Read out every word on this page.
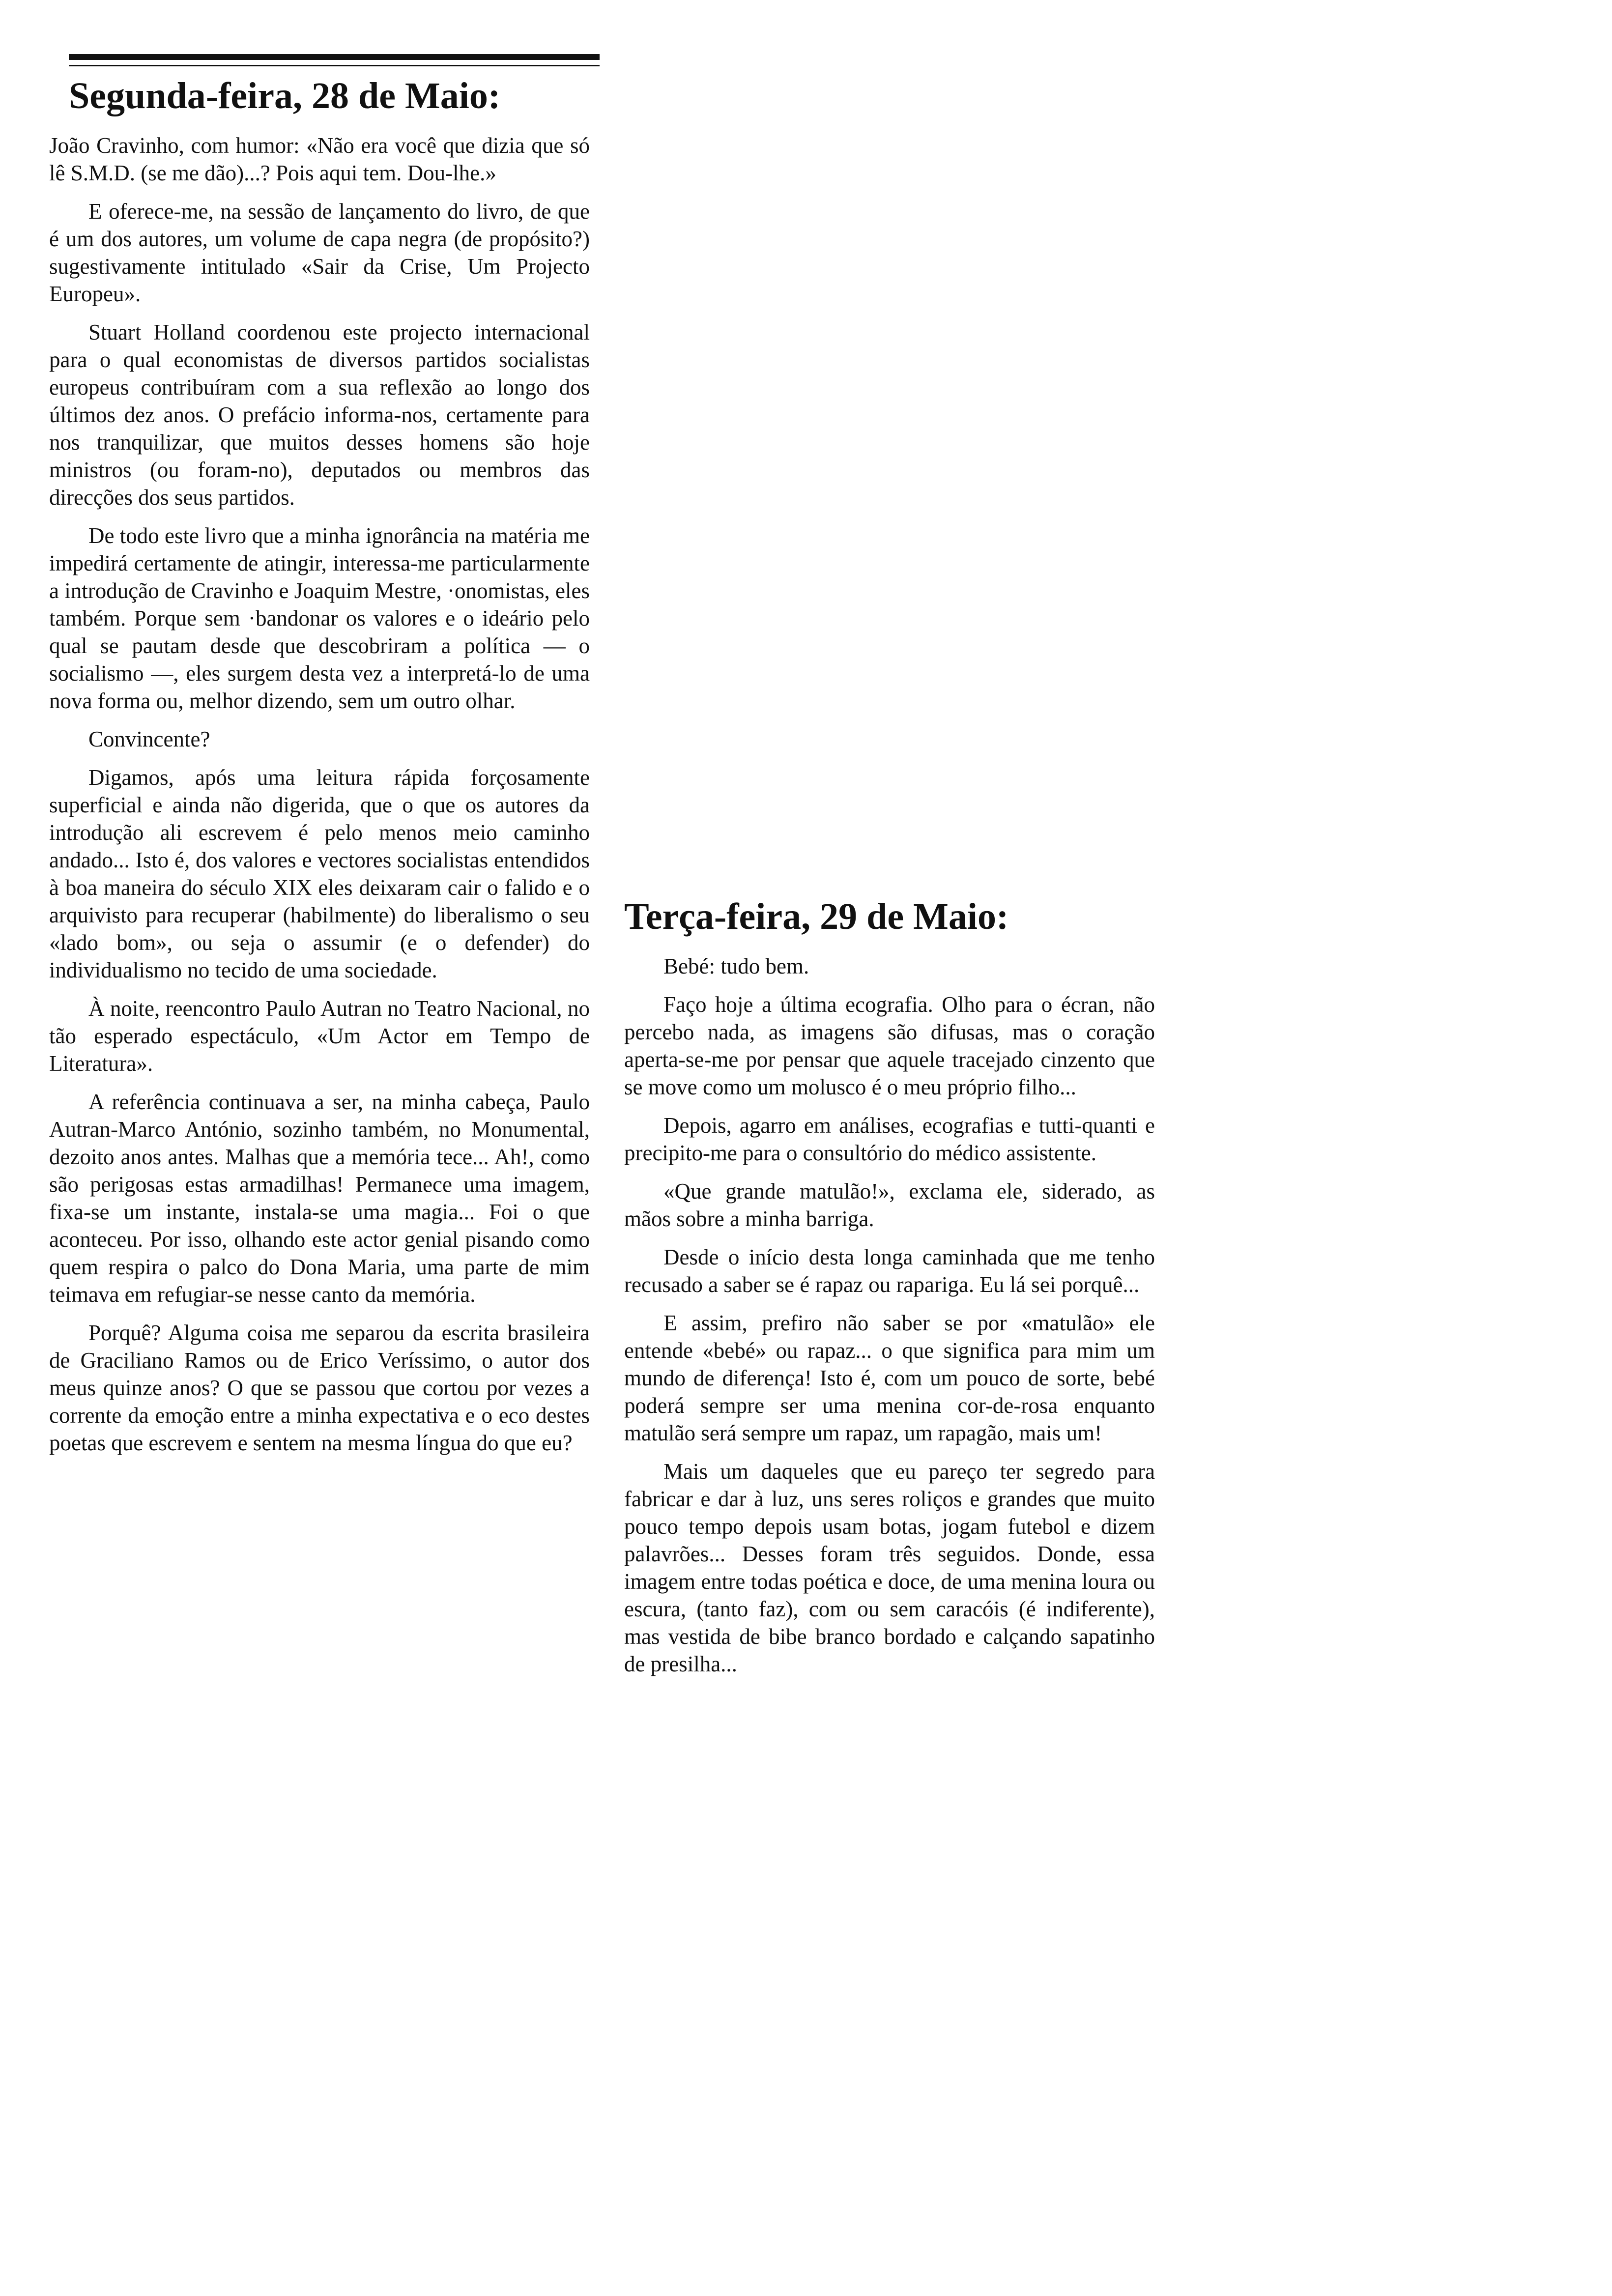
Segunda-feira, 28 de Maio:

João Cravinho, com humor: «Não era você que dizia que só lê S.M.D. (se me dão)...? Pois aqui tem. Dou-lhe.»

E oferece-me, na sessão de lançamento do livro, de que é um dos autores, um volume de capa negra (de propósito?) sugestivamente intitulado «Sair da Crise, Um Projecto Europeu».

Stuart Holland coordenou este projecto internacional para o qual economistas de diversos partidos socialistas europeus contribuíram com a sua reflexão ao longo dos últimos dez anos. O prefácio informa-nos, certamente para nos tranquilizar, que muitos desses homens são hoje ministros (ou foram-no), deputados ou membros das direcções dos seus partidos.

De todo este livro que a minha ignorância na matéria me impedirá certamente de atingir, interessa-me particularmente a introdução de Cravinho e Joaquim Mestre, ·onomistas, eles também. Porque sem ·bandonar os valores e o ideário pelo qual se pautam desde que descobriram a política — o socialismo —, eles surgem desta vez a interpretá-lo de uma nova forma ou, melhor dizendo, sem um outro olhar.

Convincente?

Digamos, após uma leitura rápida forçosamente superficial e ainda não digerida, que o que os autores da introdução ali escrevem é pelo menos meio caminho andado... Isto é, dos valores e vectores socialistas entendidos à boa maneira do século XIX eles deixaram cair o falido e o arquivisto para recuperar (habilmente) do liberalismo o seu «lado bom», ou seja o assumir (e o defender) do individualismo no tecido de uma sociedade.

À noite, reencontro Paulo Autran no Teatro Nacional, no tão esperado espectáculo, «Um Actor em Tempo de Literatura».

A referência continuava a ser, na minha cabeça, Paulo Autran-Marco António, sozinho também, no Monumental, dezoito anos antes. Malhas que a memória tece... Ah!, como são perigosas estas armadilhas! Permanece uma imagem, fixa-se um instante, instala-se uma magia... Foi o que aconteceu. Por isso, olhando este actor genial pisando como quem respira o palco do Dona Maria, uma parte de mim teimava em refugiar-se nesse canto da memória.

Porquê? Alguma coisa me separou da escrita brasileira de Graciliano Ramos ou de Erico Veríssimo, o autor dos meus quinze anos? O que se passou que cortou por vezes a corrente da emoção entre a minha expectativa e o eco destes poetas que escrevem e sentem na mesma língua do que eu?

Terça-feira, 29 de Maio:

Bebé: tudo bem.

Faço hoje a última ecografia. Olho para o écran, não percebo nada, as imagens são difusas, mas o coração aperta-se-me por pensar que aquele tracejado cinzento que se move como um molusco é o meu próprio filho...

Depois, agarro em análises, ecografias e tutti-quanti e precipito-me para o consultório do médico assistente.

«Que grande matulão!», exclama ele, siderado, as mãos sobre a minha barriga.

Desde o início desta longa caminhada que me tenho recusado a saber se é rapaz ou rapariga. Eu lá sei porquê...

E assim, prefiro não saber se por «matulão» ele entende «bebé» ou rapaz... o que significa para mim um mundo de diferença! Isto é, com um pouco de sorte, bebé poderá sempre ser uma menina cor-de-rosa enquanto matulão será sempre um rapaz, um rapagão, mais um!

Mais um daqueles que eu pareço ter segredo para fabricar e dar à luz, uns seres roliços e grandes que muito pouco tempo depois usam botas, jogam futebol e dizem palavrões... Desses foram três seguidos. Donde, essa imagem entre todas poética e doce, de uma menina loura ou escura, (tanto faz), com ou sem caracóis (é indiferente), mas vestida de bibe branco bordado e calçando sapatinho de presilha...
